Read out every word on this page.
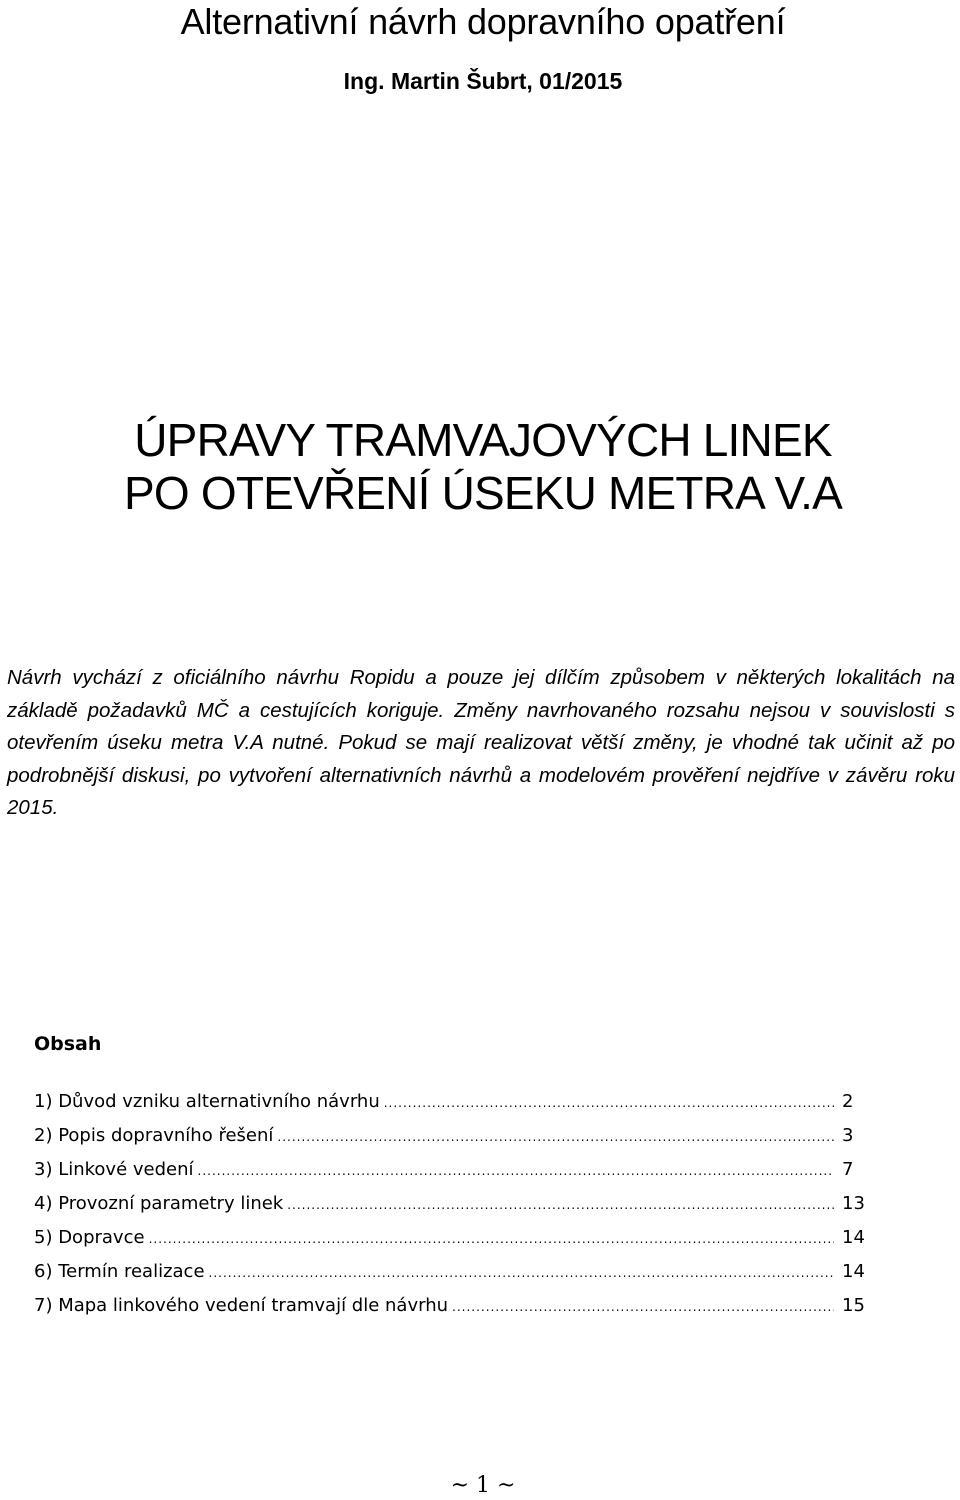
Alternativní návrh dopravního opatření
Ing. Martin Šubrt, 01/2015
ÚPRAVY TRAMVAJOVÝCH LINEK
PO OTEVŘENÍ ÚSEKU METRA V.A

Návrh vychází z oficiálního návrhu Ropidu a pouze jej dílčím způsobem v některých lokalitách na základě požadavků MČ a cestujících koriguje. Změny navrhovaného rozsahu nejsou v souvislosti s otevřením úseku metra V.A nutné. Pokud se mají realizovat větší změny, je vhodné tak učinit až po podrobnější diskusi, po vytvoření alternativních návrhů a modelovém prověření nejdříve v závěru roku 2015.

Obsah
1) Důvod vzniku alternativního návrhu .....	2
2) Popis dopravního řešení .....	3
3) Linkové vedení .....	7
4) Provozní parametry linek .....	13
5) Dopravce .....	14
6) Termín realizace .....	14
7) Mapa linkového vedení tramvají dle návrhu .....	15
~ 1 ~
